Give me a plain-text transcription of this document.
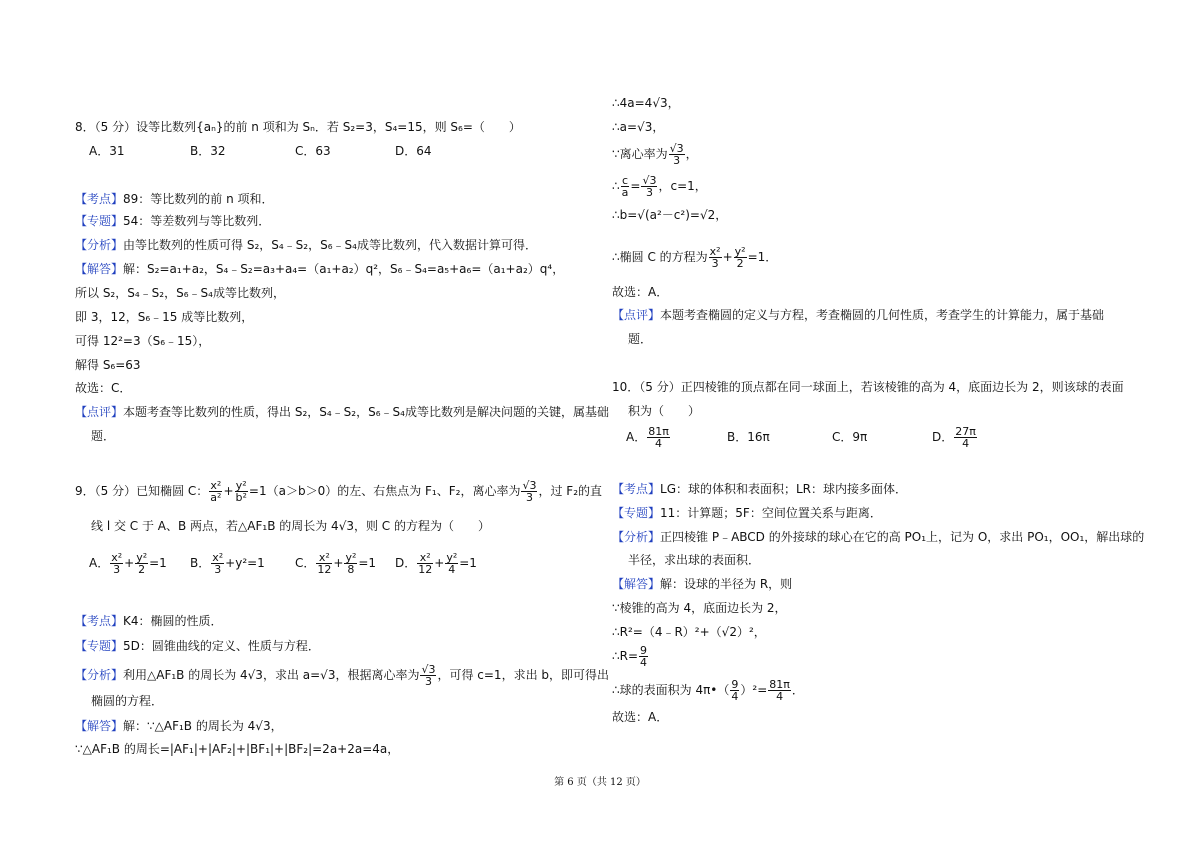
8．（5 分）设等比数列{aₙ}的前 n 项和为 Sₙ．若 S₂=3，S₄=15，则 S₆=（　　）
A．31	B．32	C．63	D．64
【考点】89：等比数列的前 n 项和．
【专题】54：等差数列与等比数列．
【分析】由等比数列的性质可得 S₂，S₄﹣S₂，S₆﹣S₄成等比数列，代入数据计算可得．
【解答】解：S₂=a₁+a₂，S₄﹣S₂=a₃+a₄=（a₁+a₂）q²，S₆﹣S₄=a₅+a₆=（a₁+a₂）q⁴，
所以 S₂，S₄﹣S₂，S₆﹣S₄成等比数列，
即 3，12，S₆﹣15 成等比数列，
可得 12²=3（S₆﹣15），
解得 S₆=63
故选：C．
【点评】本题考查等比数列的性质，得出 S₂，S₄﹣S₂，S₆﹣S₄成等比数列是解决问题的关键，属基础
题．
9．（5 分）已知椭圆 C： $\frac{\text{x²}}{\text{a²}} + \frac{\text{y²}}{\text{b²}} =1(a>b>0)$的左、右焦点为 F₁、F₂，离心率为 $\frac{√3}{3}$ ，过 F₂的直
线 l 交 C 于 A、B 两点，若△AF₁B 的周长为 4√3，则 C 的方程为（　　）
A． $\frac{\text{x²}}{3} + \frac{\text{y²}}{2} =1$ B． $\frac{\text{x²}}{3} +y^2=1$	C． $\frac{\text{x²}}{12} + \frac{\text{y²}}{8} =1$ D． $\frac{\text{x²}}{12} + \frac{\text{y²}}{4} =1$
【考点】K4：椭圆的性质．
【专题】5D：圆锥曲线的定义、性质与方程．
【分析】利用△AF₁B 的周长为 4√3，求出 a=√3，根据离心率为 $\frac{√3}{3}$ ，可得 c=1，求出 b，即可得出
椭圆的方程．
【解答】解：∵△AF₁B 的周长为 4√3，
∵△AF₁B 的周长=|AF₁|+|AF₂|+|BF₁|+|BF₂|=2a+2a=4a，
∴4a=4√3，
∴a=√3，
∵离心率为 $\frac{√3}{3}$ ，
∴ $\frac{c}{a} = \frac{√3}{3}$ ，c=1，
∴b=√(a²－c²)=√2，
∴椭圆 C 的方程为 $\frac{\text{x²}}{3} + \frac{\text{y²}}{2} =1$．
故选：A．
【点评】本题考查椭圆的定义与方程，考查椭圆的几何性质，考查学生的计算能力，属于基础
题．
10．（5 分）正四棱锥的顶点都在同一球面上，若该棱锥的高为 4，底面边长为 2，则该球的表面
积为（　　）
A． $\frac{81\pi}{4}$	B．16π	C．9π	D． $\frac{27\pi}{4}$
【考点】LG：球的体积和表面积；LR：球内接多面体．
【专题】11：计算题；5F：空间位置关系与距离．
【分析】正四棱锥 P﹣ABCD 的外接球的球心在它的高 PO₁上，记为 O，求出 PO₁，OO₁，解出球的
半径，求出球的表面积．
【解答】解：设球的半径为 R，则
∵棱锥的高为 4，底面边长为 2，
∴R²=（4﹣R）²+（√2）²，
∴R= $\frac{9}{4}$
∴球的表面积为 4π•（ $\frac{9}{4} )^2= \frac{81\pi}{4}$ ．
故选：A．
第 6 页（共 12 页）
